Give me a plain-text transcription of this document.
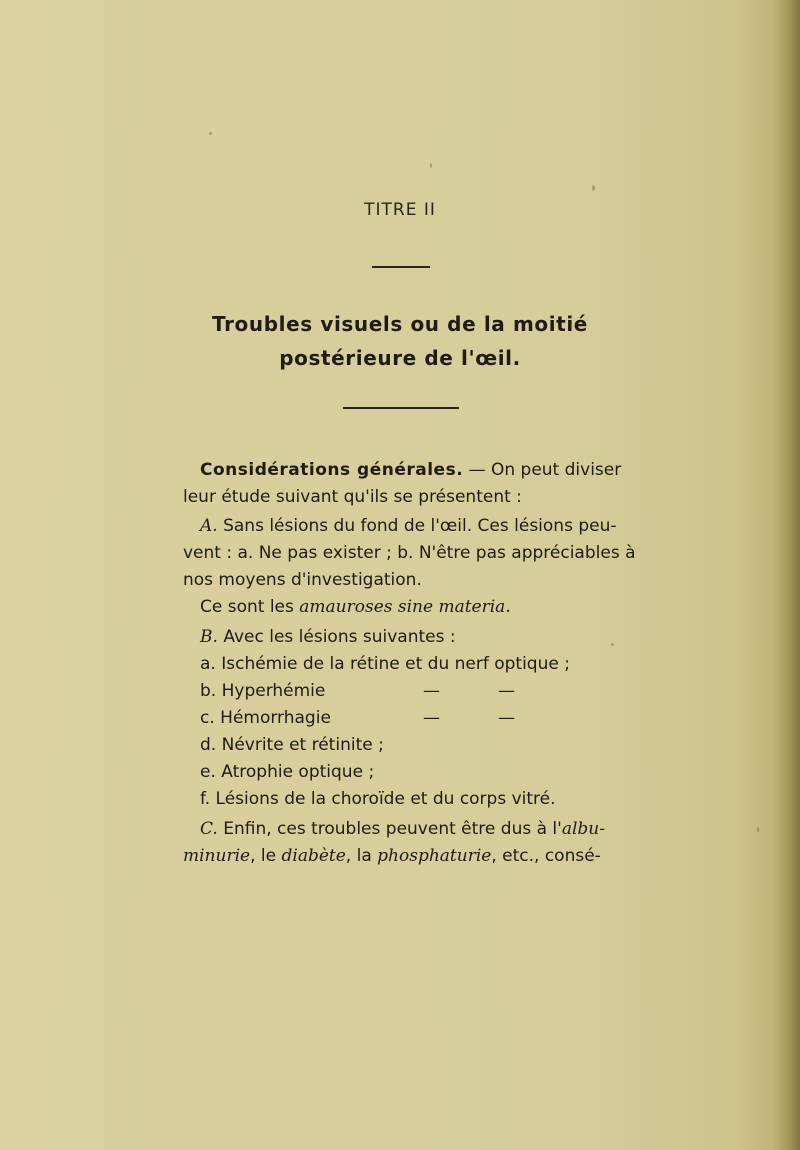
TITRE II
Troubles visuels ou de la moitié
postérieure de l'œil.
Considérations générales. — On peut diviser
leur étude suivant qu'ils se présentent :
A. Sans lésions du fond de l'œil. Ces lésions peu-
vent : a. Ne pas exister ; b. N'être pas appréciables à
nos moyens d'investigation.
Ce sont les amauroses sine materia.
B. Avec les lésions suivantes :
a. Ischémie de la rétine et du nerf optique ;
b. Hyperhémie	—	—
c. Hémorrhagie	—	—
d. Névrite et rétinite ;
e. Atrophie optique ;
f. Lésions de la choroïde et du corps vitré.
C. Enfin, ces troubles peuvent être dus à l'albu-
minurie, le diabète, la phosphaturie, etc., consé-
